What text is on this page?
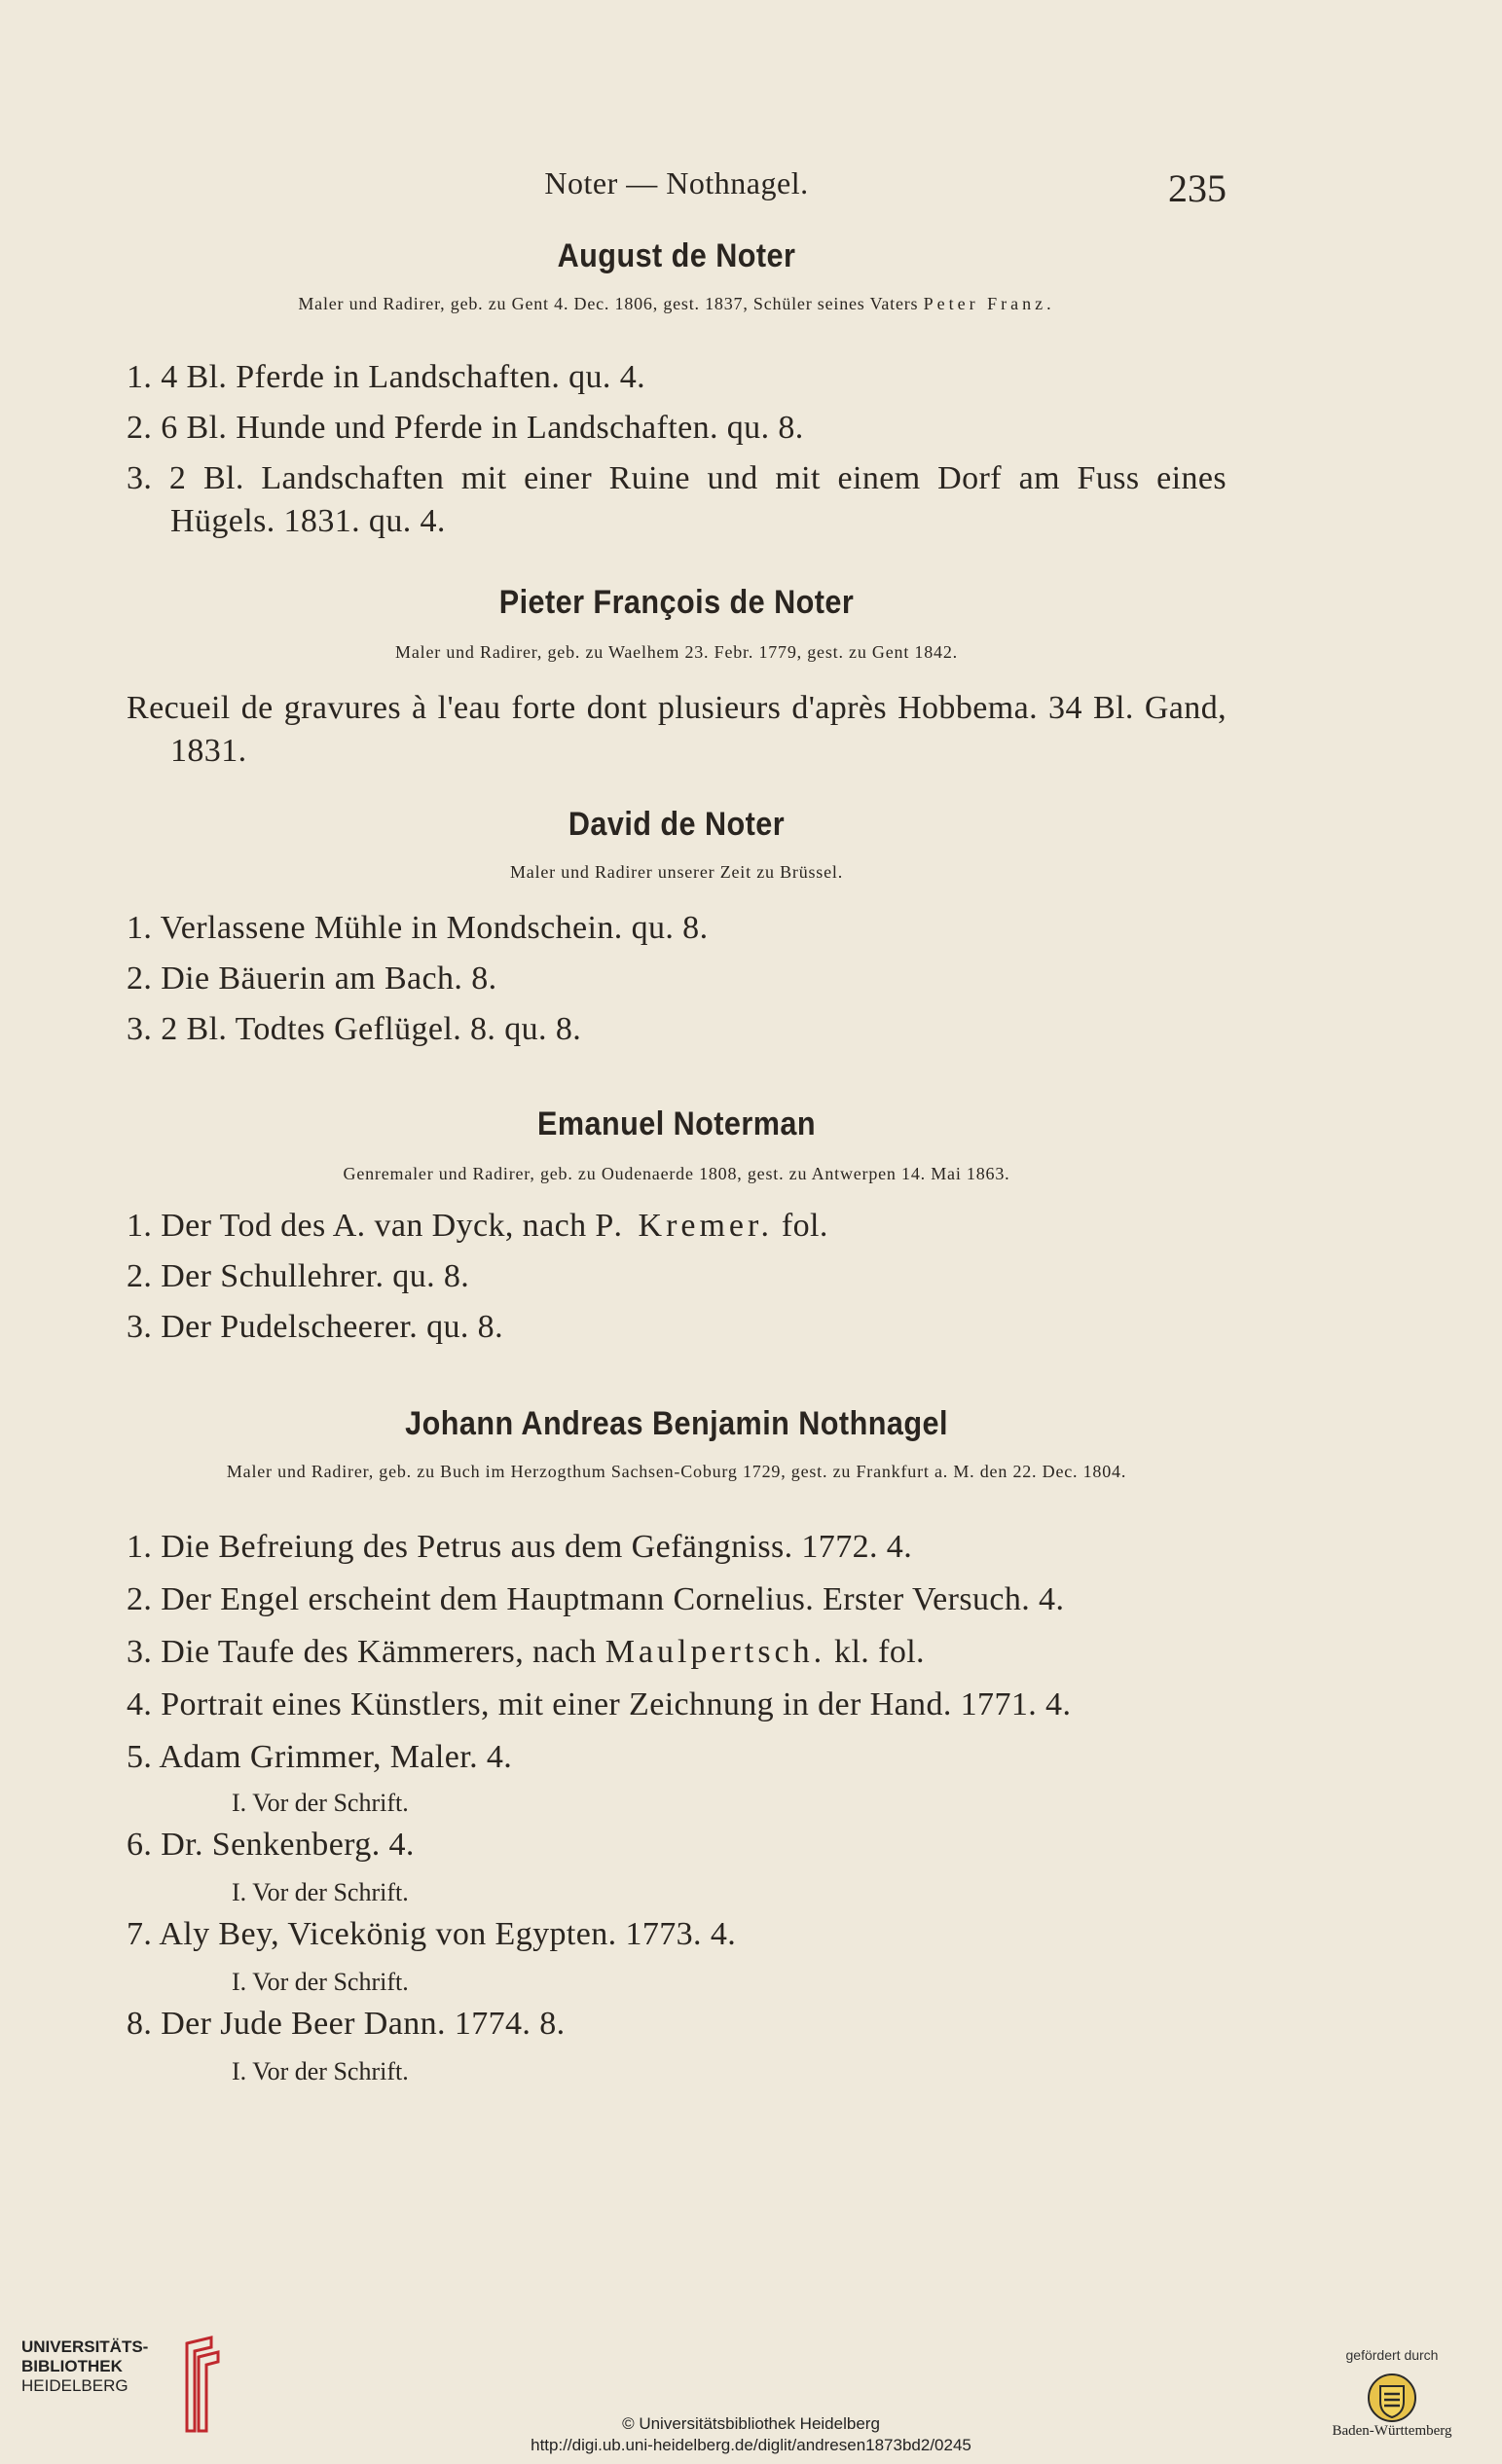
Noter — Nothnagel.	235
August de Noter
Maler und Radirer, geb. zu Gent 4. Dec. 1806, gest. 1837, Schüler seines Vaters Peter Franz.
1. 4 Bl. Pferde in Landschaften. qu. 4.
2. 6 Bl. Hunde und Pferde in Landschaften. qu. 8.
3. 2 Bl. Landschaften mit einer Ruine und mit einem Dorf am Fuss eines Hügels. 1831. qu. 4.
Pieter François de Noter
Maler und Radirer, geb. zu Waelhem 23. Febr. 1779, gest. zu Gent 1842.
Recueil de gravures à l'eau forte dont plusieurs d'après Hobbema. 34 Bl. Gand, 1831.
David de Noter
Maler und Radirer unserer Zeit zu Brüssel.
1. Verlassene Mühle in Mondschein. qu. 8.
2. Die Bäuerin am Bach. 8.
3. 2 Bl. Todtes Geflügel. 8. qu. 8.
Emanuel Noterman
Genremaler und Radirer, geb. zu Oudenaerde 1808, gest. zu Antwerpen 14. Mai 1863.
1. Der Tod des A. van Dyck, nach P. Kremer. fol.
2. Der Schullehrer. qu. 8.
3. Der Pudelscheerer. qu. 8.
Johann Andreas Benjamin Nothnagel
Maler und Radirer, geb. zu Buch im Herzogthum Sachsen-Coburg 1729, gest. zu Frankfurt a. M. den 22. Dec. 1804.
1. Die Befreiung des Petrus aus dem Gefängniss. 1772. 4.
2. Der Engel erscheint dem Hauptmann Cornelius. Erster Versuch. 4.
3. Die Taufe des Kämmerers, nach Maulpertsch. kl. fol.
4. Portrait eines Künstlers, mit einer Zeichnung in der Hand. 1771. 4.
5. Adam Grimmer, Maler. 4.
I. Vor der Schrift.
6. Dr. Senkenberg. 4.
I. Vor der Schrift.
7. Aly Bey, Vicekönig von Egypten. 1773. 4.
I. Vor der Schrift.
8. Der Jude Beer Dann. 1774. 8.
I. Vor der Schrift.
UNIVERSITÄTS-
BIBLIOTHEK
HEIDELBERG
© Universitätsbibliothek Heidelberg
http://digi.ub.uni-heidelberg.de/diglit/andresen1873bd2/0245
gefördert durch
Baden-Württemberg
